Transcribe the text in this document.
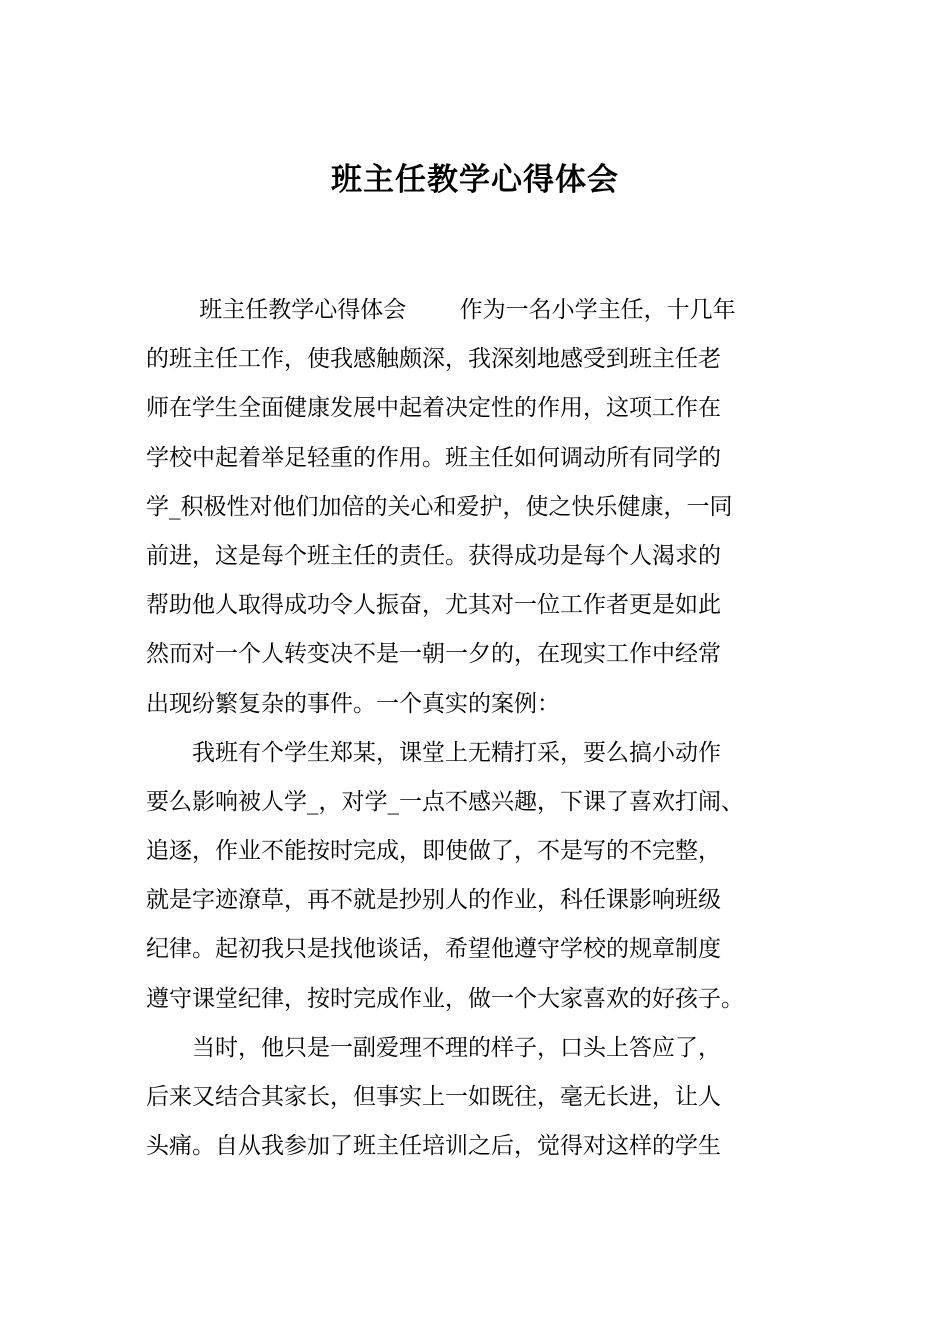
班主任教学心得体会
　　 班主任教学心得体会　　 作为一名小学主任，十几年
的班主任工作，使我感触颇深，我深刻地感受到班主任老
师在学生全面健康发展中起着决定性的作用，这项工作在
学校中起着举足轻重的作用。班主任如何调动所有同学的
学_积极性对他们加倍的关心和爱护，使之快乐健康，一同
前进，这是每个班主任的责任。获得成功是每个人渴求的
帮助他人取得成功令人振奋，尤其对一位工作者更是如此
然而对一个人转变决不是一朝一夕的，在现实工作中经常
出现纷繁复杂的事件。一个真实的案例：
　　我班有个学生郑某，课堂上无精打采，要么搞小动作
要么影响被人学_，对学_一点不感兴趣，下课了喜欢打闹、
追逐，作业不能按时完成，即使做了，不是写的不完整，
就是字迹潦草，再不就是抄别人的作业，科任课影响班级
纪律。起初我只是找他谈话，希望他遵守学校的规章制度
遵守课堂纪律，按时完成作业，做一个大家喜欢的好孩子。
　　当时，他只是一副爱理不理的样子，口头上答应了，
后来又结合其家长，但事实上一如既往，毫无长进，让人
头痛。自从我参加了班主任培训之后，觉得对这样的学生
